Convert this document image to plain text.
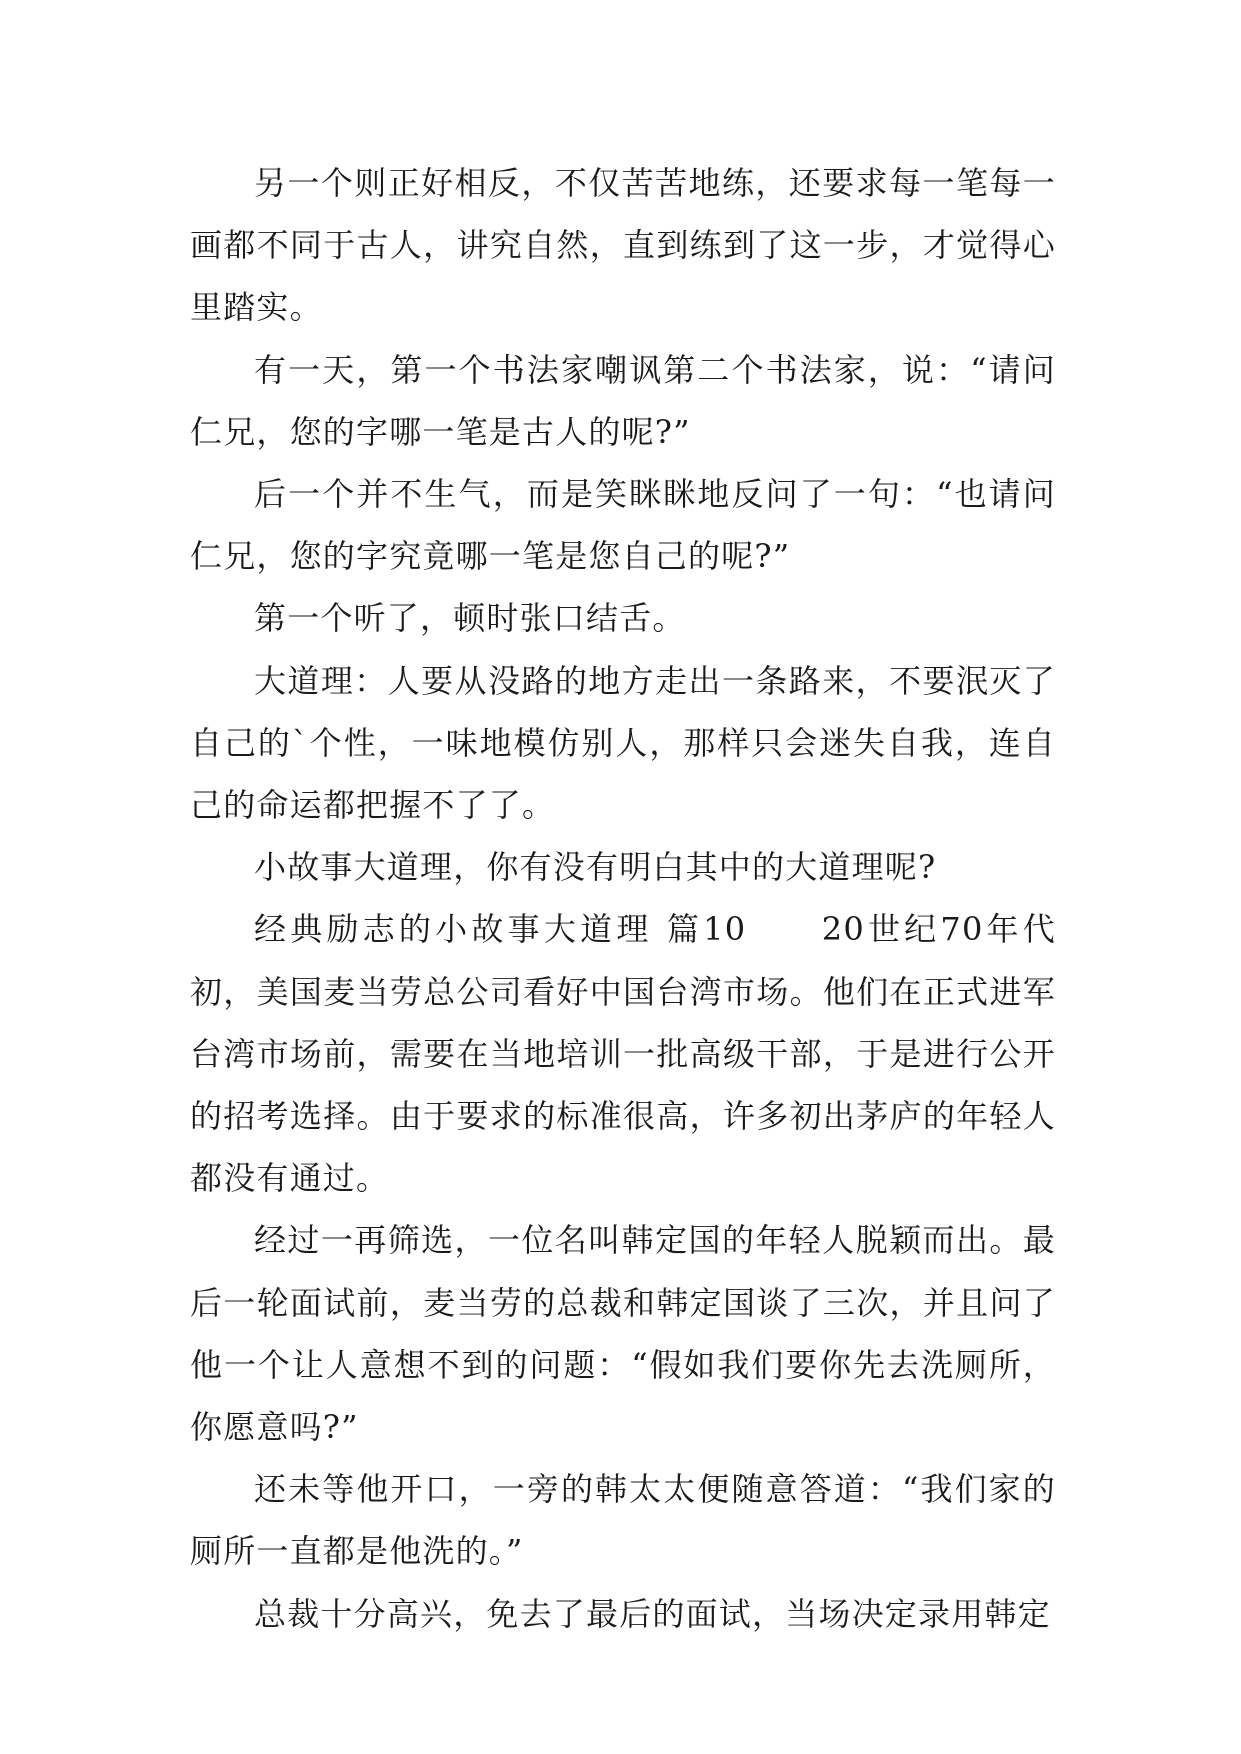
另一个则正好相反，不仅苦苦地练，还要求每一笔每一画都不同于古人，讲究自然，直到练到了这一步，才觉得心里踏实。

有一天，第一个书法家嘲讽第二个书法家，说：“请问仁兄，您的字哪一笔是古人的呢?”

后一个并不生气，而是笑眯眯地反问了一句：“也请问仁兄，您的字究竟哪一笔是您自己的呢?”

第一个听了，顿时张口结舌。

大道理：人要从没路的地方走出一条路来，不要泯灭了自己的`个性，一味地模仿别人，那样只会迷失自我，连自己的命运都把握不了了。

小故事大道理，你有没有明白其中的大道理呢?

经典励志的小故事大道理 篇10　　20世纪70年代初，美国麦当劳总公司看好中国台湾市场。他们在正式进军台湾市场前，需要在当地培训一批高级干部，于是进行公开的招考选择。由于要求的标准很高，许多初出茅庐的年轻人都没有通过。

经过一再筛选，一位名叫韩定国的年轻人脱颖而出。最后一轮面试前，麦当劳的总裁和韩定国谈了三次，并且问了他一个让人意想不到的问题：“假如我们要你先去洗厕所，你愿意吗?”

还未等他开口，一旁的韩太太便随意答道：“我们家的厕所一直都是他洗的。”

总裁十分高兴，免去了最后的面试，当场决定录用韩定
